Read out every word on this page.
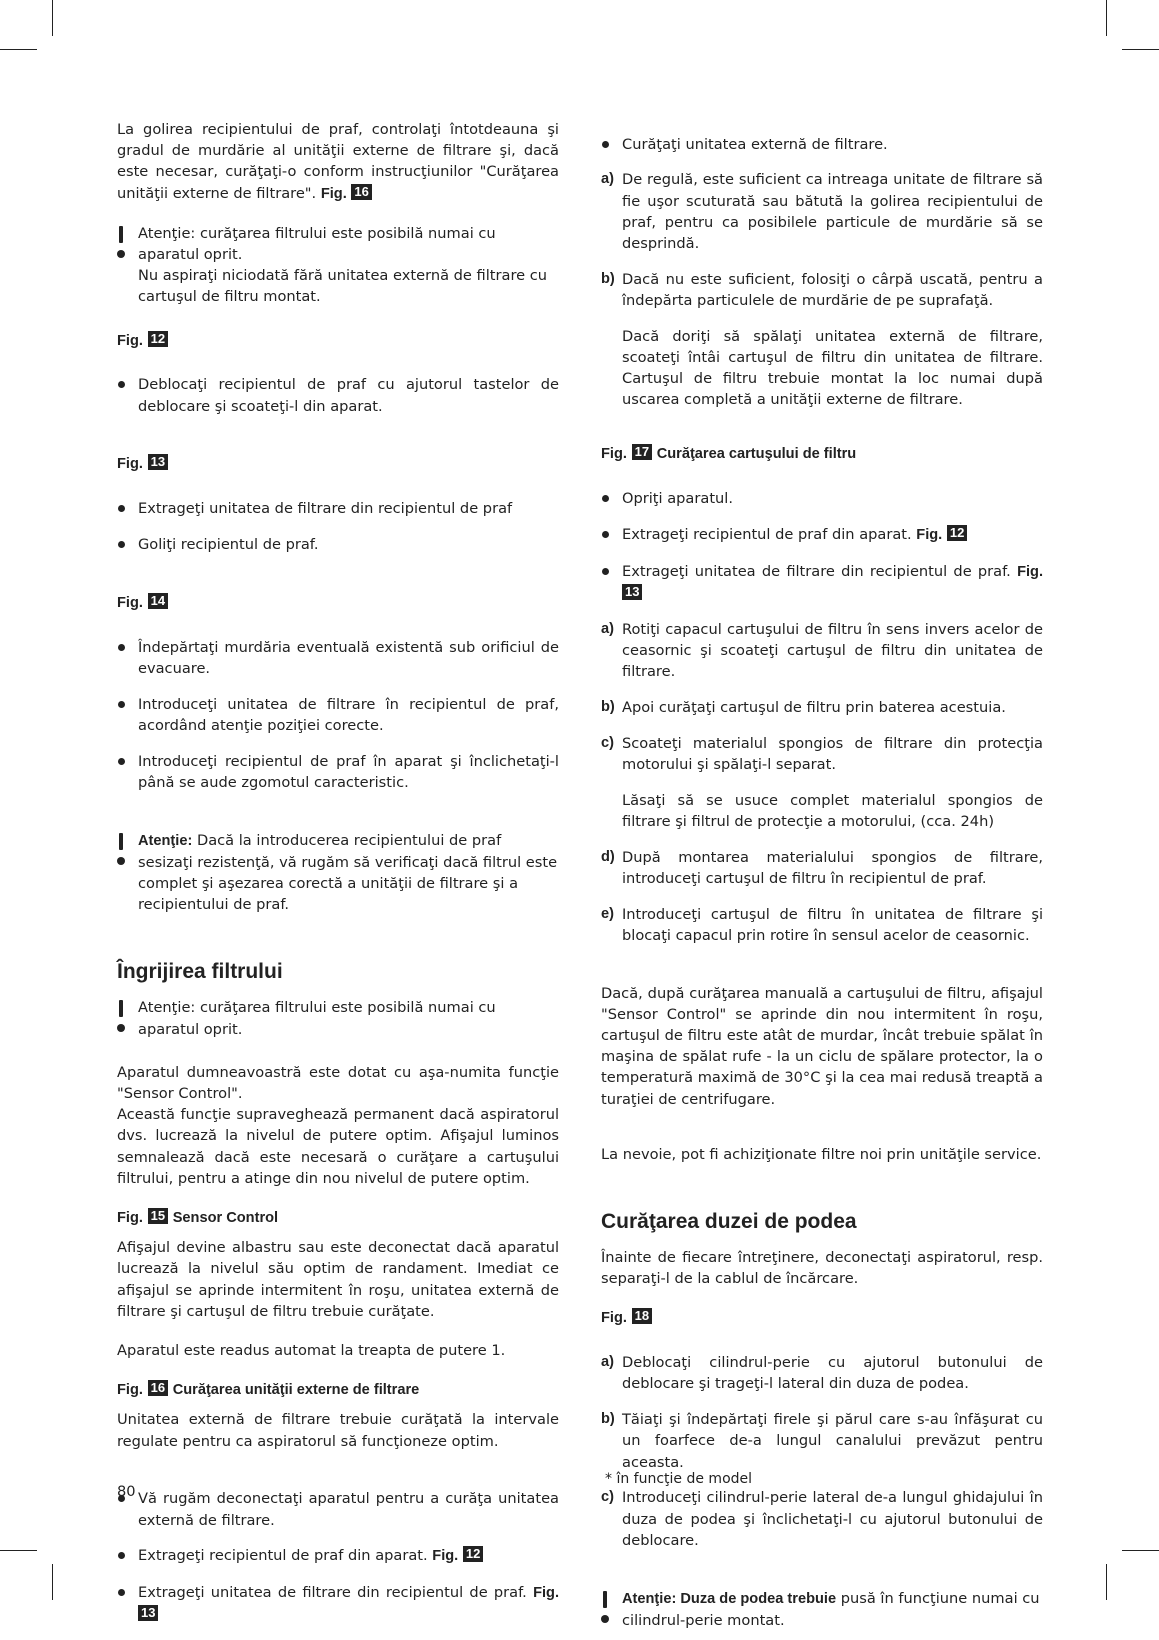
La golirea recipientului de praf, controlaţi întotdeauna şi gradul de murdărie al unităţii externe de filtrare şi, dacă este necesar, curăţaţi-o conform instrucţiunilor "Curăţarea unităţii externe de filtrare". Fig. 16

Atenţie: curăţarea filtrului este posibilă numai cu aparatul oprit.

Nu aspiraţi niciodată fără unitatea externă de filtrare cu cartuşul de filtru montat.

Fig. 12

Deblocaţi recipientul de praf cu ajutorul tastelor de deblocare şi scoateţi-l din aparat.

Fig. 13

Extrageţi unitatea de filtrare din recipientul de praf

Goliţi recipientul de praf.

Fig. 14

Îndepărtaţi murdăria eventuală existentă sub orificiul de evacuare.

Introduceţi unitatea de filtrare în recipientul de praf, acordând atenţie poziţiei corecte.

Introduceţi recipientul de praf în aparat şi înclichetaţi-l până se aude zgomotul caracteristic.

Atenţie: Dacă la introducerea recipientului de praf sesizaţi rezistenţă, vă rugăm să verificaţi dacă filtrul este complet şi aşezarea corectă a unităţii de filtrare şi a recipientului de praf.

Îngrijirea filtrului

Atenţie: curăţarea filtrului este posibilă numai cu aparatul oprit.

Aparatul dumneavoastră este dotat cu aşa-numita funcţie "Sensor Control".

Această funcţie supraveghează permanent dacă aspiratorul dvs. lucrează la nivelul de putere optim. Afişajul luminos semnalează dacă este necesară o curăţare a cartuşului filtrului, pentru a atinge din nou nivelul de putere optim.

Fig. 15 Sensor Control

Afişajul devine albastru sau este deconectat dacă aparatul lucrează la nivelul său optim de randament. Imediat ce afişajul se aprinde intermitent în roşu, unitatea externă de filtrare şi cartuşul de filtru trebuie curăţate.

Aparatul este readus automat la treapta de putere 1.

Fig. 16 Curăţarea unităţii externe de filtrare

Unitatea externă de filtrare trebuie curăţată la intervale regulate pentru ca aspiratorul să funcţioneze optim.

Vă rugăm deconectaţi aparatul pentru a curăţa unitatea externă de filtrare.

Extrageţi recipientul de praf din aparat. Fig. 12

Extrageţi unitatea de filtrare din recipientul de praf. Fig. 13

Curăţaţi unitatea externă de filtrare.

a) De regulă, este suficient ca intreaga unitate de filtrare să fie uşor scuturată sau bătută la golirea recipientului de praf, pentru ca posibilele particule de murdărie să se desprindă.

b) Dacă nu este suficient, folosiţi o cârpă uscată, pentru a îndepărta particulele de murdărie de pe suprafaţă.

Dacă doriţi să spălaţi unitatea externă de filtrare, scoateţi întâi cartuşul de filtru din unitatea de filtrare. Cartuşul de filtru trebuie montat la loc numai după uscarea completă a unităţii externe de filtrare.

Fig. 17 Curăţarea cartuşului de filtru

Opriţi aparatul.

Extrageţi recipientul de praf din aparat. Fig. 12

Extrageţi unitatea de filtrare din recipientul de praf. Fig. 13

a) Rotiţi capacul cartuşului de filtru în sens invers acelor de ceasornic şi scoateţi cartuşul de filtru din unitatea de filtrare.

b) Apoi curăţaţi cartuşul de filtru prin baterea acestuia.

c) Scoateţi materialul spongios de filtrare din protecţia motorului şi spălaţi-l separat.

Lăsaţi să se usuce complet materialul spongios de filtrare şi filtrul de protecţie a motorului, (cca. 24h)

d) După montarea materialului spongios de filtrare, introduceţi cartuşul de filtru în recipientul de praf.

e) Introduceţi cartuşul de filtru în unitatea de filtrare şi blocaţi capacul prin rotire în sensul acelor de ceasornic.

Dacă, după curăţarea manuală a cartuşului de filtru, afişajul "Sensor Control" se aprinde din nou intermitent în roşu, cartuşul de filtru este atât de murdar, încât trebuie spălat în maşina de spălat rufe - la un ciclu de spălare protector, la o temperatură maximă de 30°C şi la cea mai redusă treaptă a turaţiei de centrifugare.

La nevoie, pot fi achiziţionate filtre noi prin unităţile service.

Curăţarea duzei de podea

Înainte de fiecare întreţinere, deconectaţi aspiratorul, resp. separaţi-l de la cablul de încărcare.

Fig. 18

a) Deblocaţi cilindrul-perie cu ajutorul butonului de deblocare şi trageţi-l lateral din duza de podea.

b) Tăiaţi şi îndepărtaţi firele şi părul care s-au înfăşurat cu un foarfece de-a lungul canalului prevăzut pentru aceasta.

c) Introduceţi cilindrul-perie lateral de-a lungul ghidajului în duza de podea şi înclichetaţi-l cu ajutorul butonului de deblocare.

Atenţie: Duza de podea trebuie pusă în funcţiune numai cu cilindrul-perie montat.

* în funcţie de model
80
